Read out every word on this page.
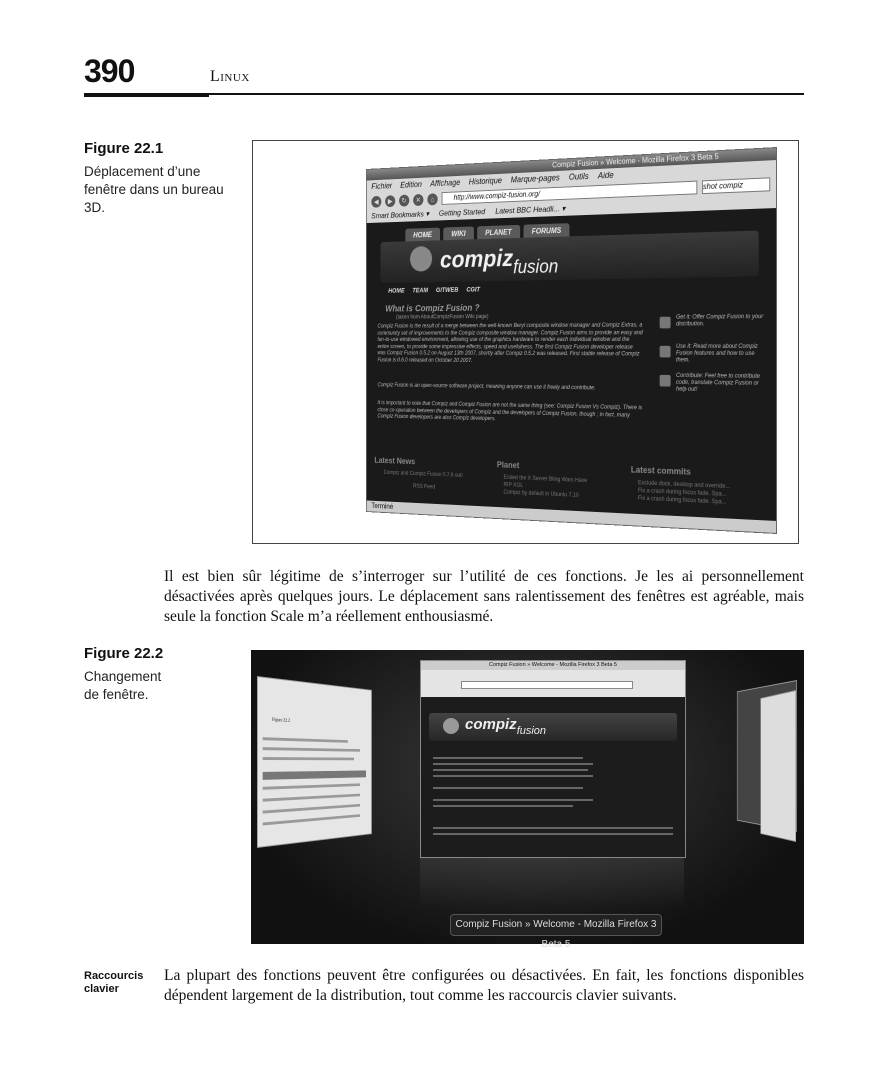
390	Linux
Figure 22.1
Déplacement d’une
fenêtre dans un bureau
3D.
Compiz Fusion » Welcome - Mozilla Firefox 3 Beta 5
Fichier Edition Affichage Historique Marque-pages Outils Aide
◀	▶	↻	✕	⌂	http://www.compiz-fusion.org/
shot compiz
Smart Bookmarks ▾ Getting Started Latest BBC Headli... ▾
HOME	WIKI	PLANET	FORUMS
compiz$_{fusion}$
HOME TEAM GITWEB CGIT
What is Compiz Fusion ?
(taken from AboutCompizFusion Wiki page)
Compiz Fusion is the result of a merge between the well-known Beryl composite window manager and Compiz Extras, a community set of improvements to the Compiz composite window manager. Compiz Fusion aims to provide an easy and fun-to-use windowed environment, allowing use of the graphics hardware to render each individual window and the entire screen, to provide some impressive effects, speed and usefulness. The first Compiz Fusion developer release was Compiz Fusion 0.5.2 on August 13th 2007, shortly after Compiz 0.5.2 was released. First stable release of Compiz Fusion is 0.6.0 released on October 20 2007.
Compiz Fusion is an open-source software project, meaning anyone can use it freely and contribute.
It is important to note that Compiz and Compiz Fusion are not the same thing (see: Compiz Fusion Vs Compiz). There is close co-operation between the developers of Compiz and the developers of Compiz Fusion, though ; in fact, many Compiz Fusion developers are also Compiz developers.
Get it: Offer Compiz Fusion to your distribution.
Use it: Read more about Compiz Fusion features and how to use them.
Contribute: Feel free to contribute code, translate Compiz Fusion or help out!
Latest News
Compiz and Compiz Fusion 0.7.6 out!
RSS Feed
Planet
Ended the X Server Bling Wars Have
RIP XGL
Compiz by default in Ubuntu 7.10
Latest commits
Exclude dock, desktop and override...
Fix a crash during focus fade. Spa...
Fix a crash during focus fade. Spa...
Terminé
Il est bien sûr légitime de s’interroger sur l’utilité de ces fonctions. Je les ai personnellement désactivées après quelques jours. Le déplacement sans ralentissement des fenêtres est agréable, mais seule la fonction Scale m’a réellement enthousiasmé.
Figure 22.2
Changement
de fenêtre.
Figure 22.2
Compiz Fusion » Welcome - Mozilla Firefox 3 Beta 5
compiz$_{fusion}$
Compiz Fusion » Welcome - Mozilla Firefox 3 Beta 5
Raccourcis
clavier
La plupart des fonctions peuvent être configurées ou désactivées. En fait, les fonctions disponibles dépendent largement de la distribution, tout comme les raccourcis clavier suivants.
